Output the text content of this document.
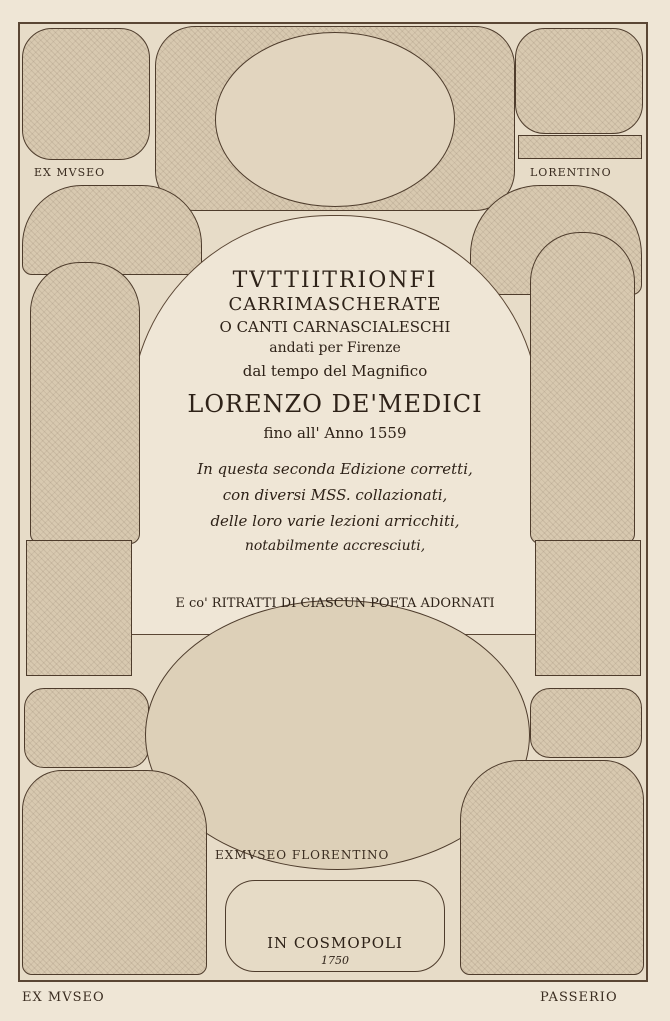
EX MVSEO	LORENTINO
EXMVSEO FLORENTINO
IN COSMOPOLI
1750
TVTTIITRIONFI
CARRIMASCHERATE
O CANTI CARNASCIALESCHI
andati per Firenze
dal tempo del Magnifico
LORENZO DE'MEDICI
fino all' Anno 1559
In questa seconda Edizione corretti,
con diversi MSS. collazionati,
delle loro varie lezioni arricchiti,
notabilmente accresciuti,
E co' RITRATTI DI CIASCUN POETA ADORNATI
EX MVSEO	PASSERIO
